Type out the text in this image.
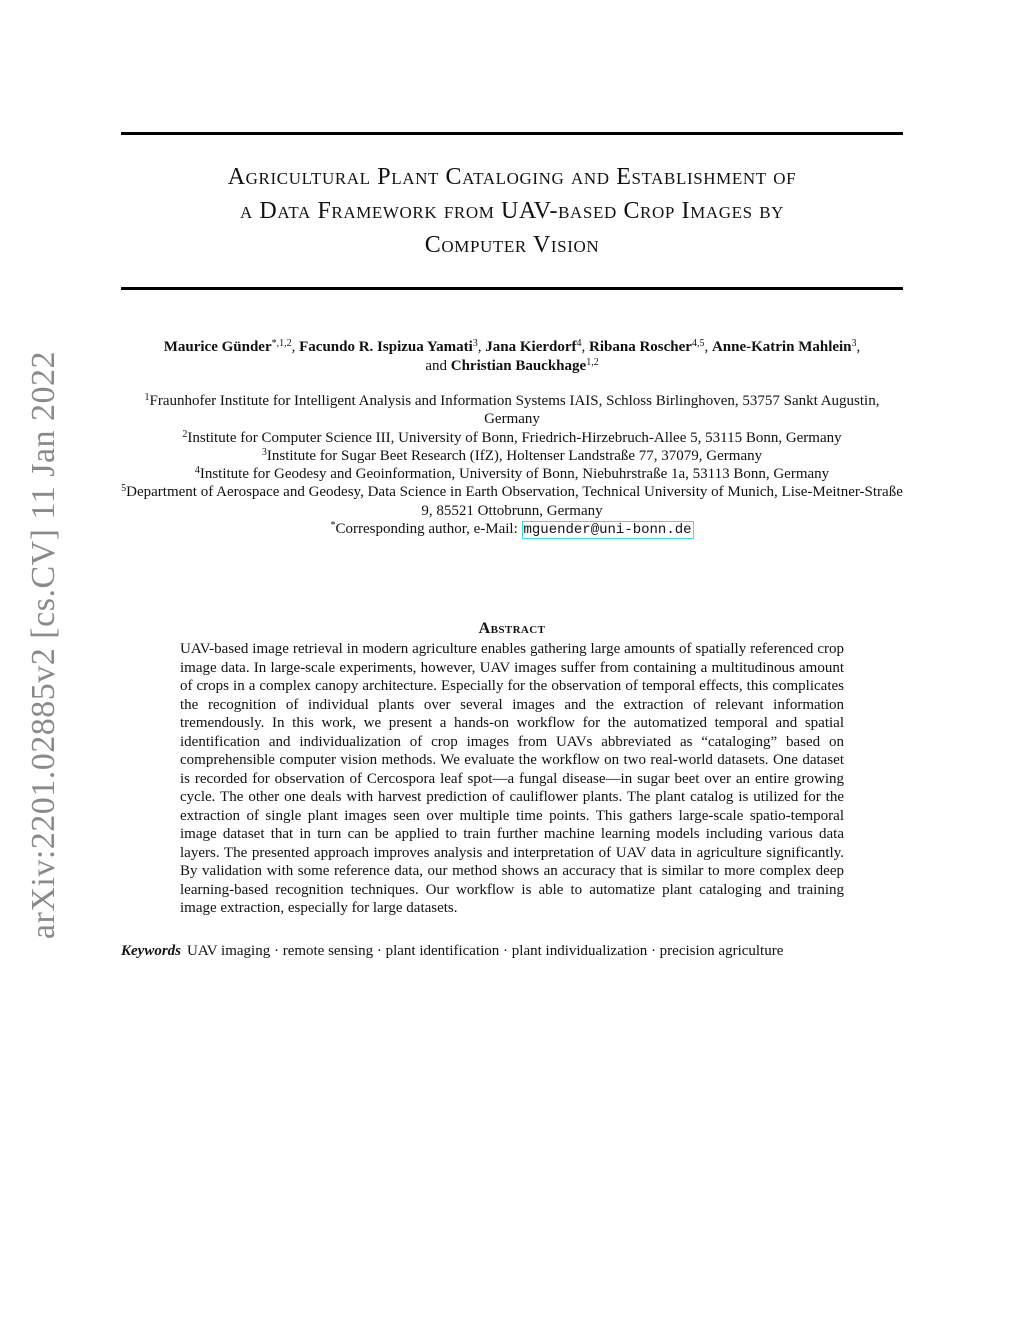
arXiv:2201.02885v2 [cs.CV] 11 Jan 2022
Agricultural Plant Cataloging and Establishment of
a Data Framework from UAV-based Crop Images by
Computer Vision
Maurice Günder$^{*,1,2}$, Facundo R. Ispizua Yamati$^3$, Jana Kierdorf$^4$, Ribana Roscher$^{4,5}$, Anne-Katrin Mahlein$^3$,
and Christian Bauckhage$^{1,2}$
$^1$Fraunhofer Institute for Intelligent Analysis and Information Systems IAIS, Schloss Birlinghoven, 53757 Sankt Augustin, Germany
$^2$Institute for Computer Science III, University of Bonn, Friedrich-Hirzebruch-Allee 5, 53115 Bonn, Germany
$^3$Institute for Sugar Beet Research (IfZ), Holtenser Landstraße 77, 37079, Germany
$^4$Institute for Geodesy and Geoinformation, University of Bonn, Niebuhrstraße 1a, 53113 Bonn, Germany
$^5$Department of Aerospace and Geodesy, Data Science in Earth Observation, Technical University of Munich, Lise-Meitner-Straße 9, 85521 Ottobrunn, Germany
*Corresponding author, e-Mail: mguender@uni-bonn.de
Abstract
UAV-based image retrieval in modern agriculture enables gathering large amounts of spatially referenced crop image data. In large-scale experiments, however, UAV images suffer from containing a multitudinous amount of crops in a complex canopy architecture. Especially for the observation of temporal effects, this complicates the recognition of individual plants over several images and the extraction of relevant information tremendously. In this work, we present a hands-on workflow for the automatized temporal and spatial identification and individualization of crop images from UAVs abbreviated as “cataloging” based on comprehensible computer vision methods. We evaluate the workflow on two real-world datasets. One dataset is recorded for observation of Cercospora leaf spot—a fungal disease—in sugar beet over an entire growing cycle. The other one deals with harvest prediction of cauliflower plants. The plant catalog is utilized for the extraction of single plant images seen over multiple time points. This gathers large-scale spatio-temporal image dataset that in turn can be applied to train further machine learning models including various data layers. The presented approach improves analysis and interpretation of UAV data in agriculture significantly. By validation with some reference data, our method shows an accuracy that is similar to more complex deep learning-based recognition techniques. Our workflow is able to automatize plant cataloging and training image extraction, especially for large datasets.
Keywords UAV imaging · remote sensing · plant identification · plant individualization · precision agriculture
